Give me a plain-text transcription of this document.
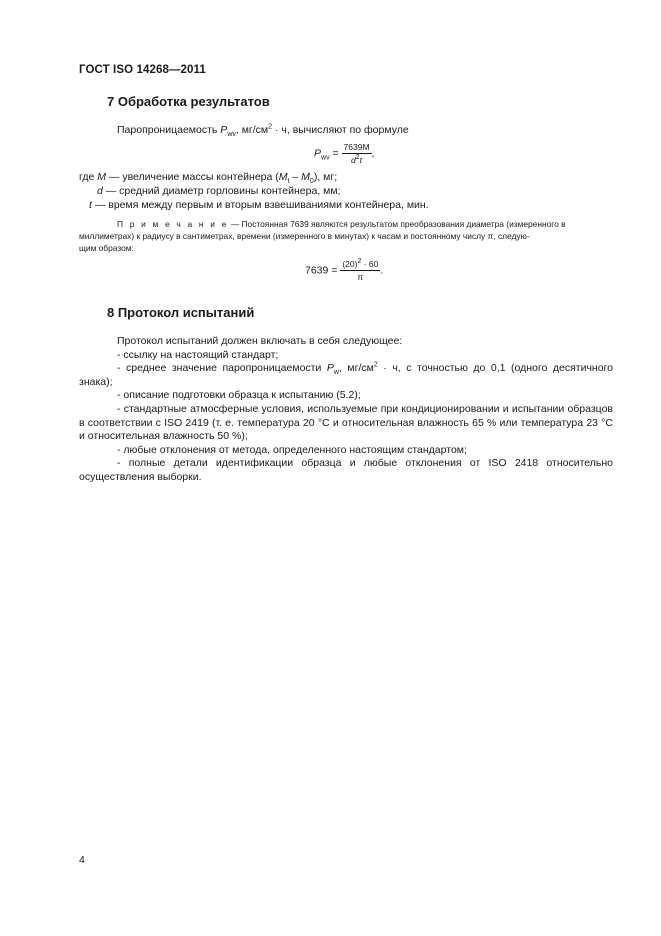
ГОСТ ISO 14268—2011
7 Обработка результатов
Паропроницаемость $P_{wv}$, $мг/см^2 \cdot ч$, вычисляют по формуле
$P_{wv} = \frac{7639M}{d^2t}$ ,
где M — увеличение массы контейнера $(M_t - M_0)$, мг;
d — средний диаметр горловины контейнера, мм;
t — время между первым и вторым взвешиваниями контейнера, мин.
П р и м е ч а н и е — Постоянная 7639 являются результатом преобразования диаметра (измеренного в
миллиметрах) к радиусу в сантиметрах, времени (измеренного в минутах) к часам и постоянному числу π, следую-
щим образом:
$7639 = \frac{(20)^2 \cdot 60}{\pi}$ .
8 Протокол испытаний

Протокол испытаний должен включать в себя следующее:

- ссылку на настоящий стандарт;

- среднее значение паропроницаемости $P_w$, $мг/см^2 \cdot ч$, с точностью до 0,1 (одного десятичного знака);

- описание подготовки образца к испытанию (5.2);

- стандартные атмосферные условия, используемые при кондиционировании и испытании образцов в соответствии с ISO 2419 (т. е. температура 20 °C и относительная влажность 65 % или температура 23 °C и относительная влажность 50 %);

- любые отклонения от метода, определенного настоящим стандартом;

- полные детали идентификации образца и любые отклонения от ISO 2418 относительно осуществления выборки.

4
